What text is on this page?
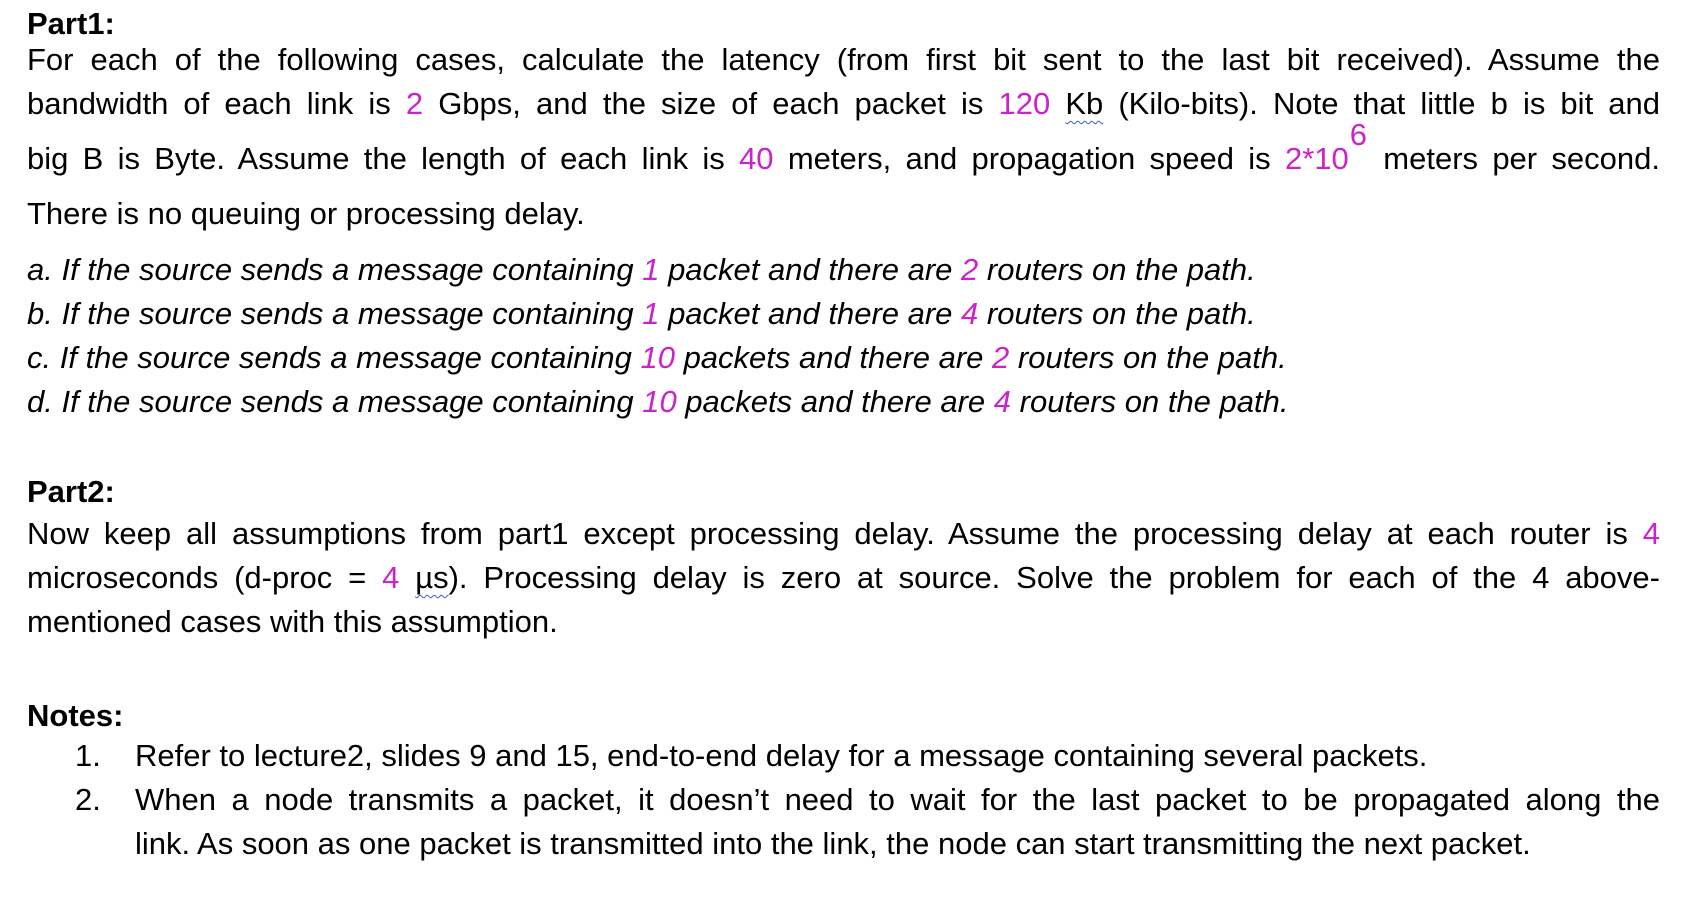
Part1:
For each of the following cases, calculate the latency (from first bit sent to the last bit received). Assume the
bandwidth of each link is 2 Gbps, and the size of each packet is 120 Kb (Kilo-bits). Note that little b is bit and
big B is Byte. Assume the length of each link is 40 meters, and propagation speed is 2*106 meters per second.
There is no queuing or processing delay.
a. If the source sends a message containing 1 packet and there are 2 routers on the path.
b. If the source sends a message containing 1 packet and there are 4 routers on the path.
c. If the source sends a message containing 10 packets and there are 2 routers on the path.
d. If the source sends a message containing 10 packets and there are 4 routers on the path.
Part2:
Now keep all assumptions from part1 except processing delay. Assume the processing delay at each router is 4
microseconds (d-proc = 4 µs). Processing delay is zero at source. Solve the problem for each of the 4 above-
mentioned cases with this assumption.
Notes:
1.	Refer to lecture2, slides 9 and 15, end-to-end delay for a message containing several packets.
2.	When a node transmits a packet, it doesn’t need to wait for the last packet to be propagated along the
link. As soon as one packet is transmitted into the link, the node can start transmitting the next packet.
